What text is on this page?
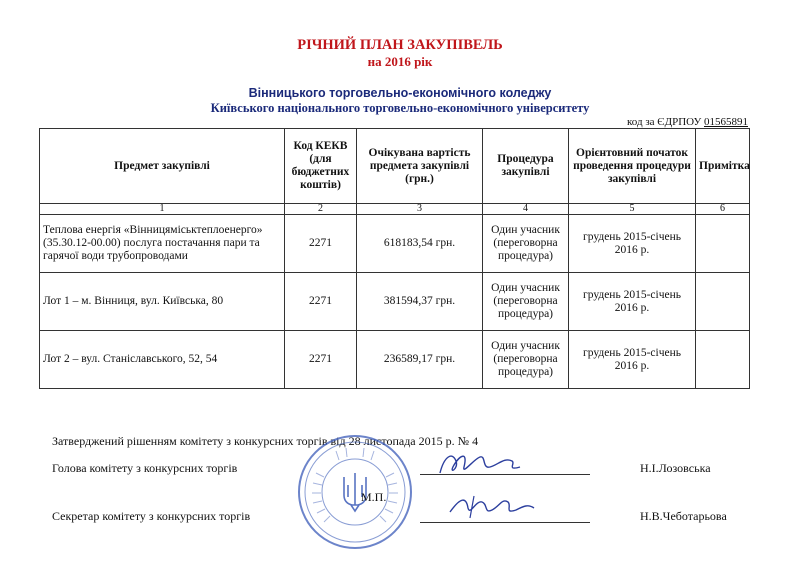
РІЧНИЙ ПЛАН ЗАКУПІВЕЛЬ
на 2016 рік
Вінницького торговельно-економічного коледжу
Київського національного торговельно-економічного університету
код за ЄДРПОУ 01565891
Предмет закупівлі	Код КЕКВ (для бюджетних коштів)	Очікувана вартість предмета закупівлі (грн.)	Процедура закупівлі	Орієнтовний початок проведення процедури закупівлі	Примітка
1	2	3	4	5	6
Теплова енергія «Вінницяміськтеплоенерго» (35.30.12-00.00) послуга постачання пари та гарячої води трубопроводами	2271	618183,54 грн.	Один учасник (переговорна процедура)	грудень 2015-січень 2016 р.	
Лот 1 – м. Вінниця, вул. Київська, 80	2271	381594,37 грн.	Один учасник (переговорна процедура)	грудень 2015-січень 2016 р.	
Лот 2 – вул. Станіславського, 52, 54	2271	236589,17 грн.	Один учасник (переговорна процедура)	грудень 2015-січень 2016 р.	
Затверджений рішенням комітету з конкурсних торгів від 28 листопада 2015 р. № 4
Голова комітету з конкурсних торгів	Н.І.Лозовська
М.П.
Секретар комітету з конкурсних торгів	Н.В.Чеботарьова
